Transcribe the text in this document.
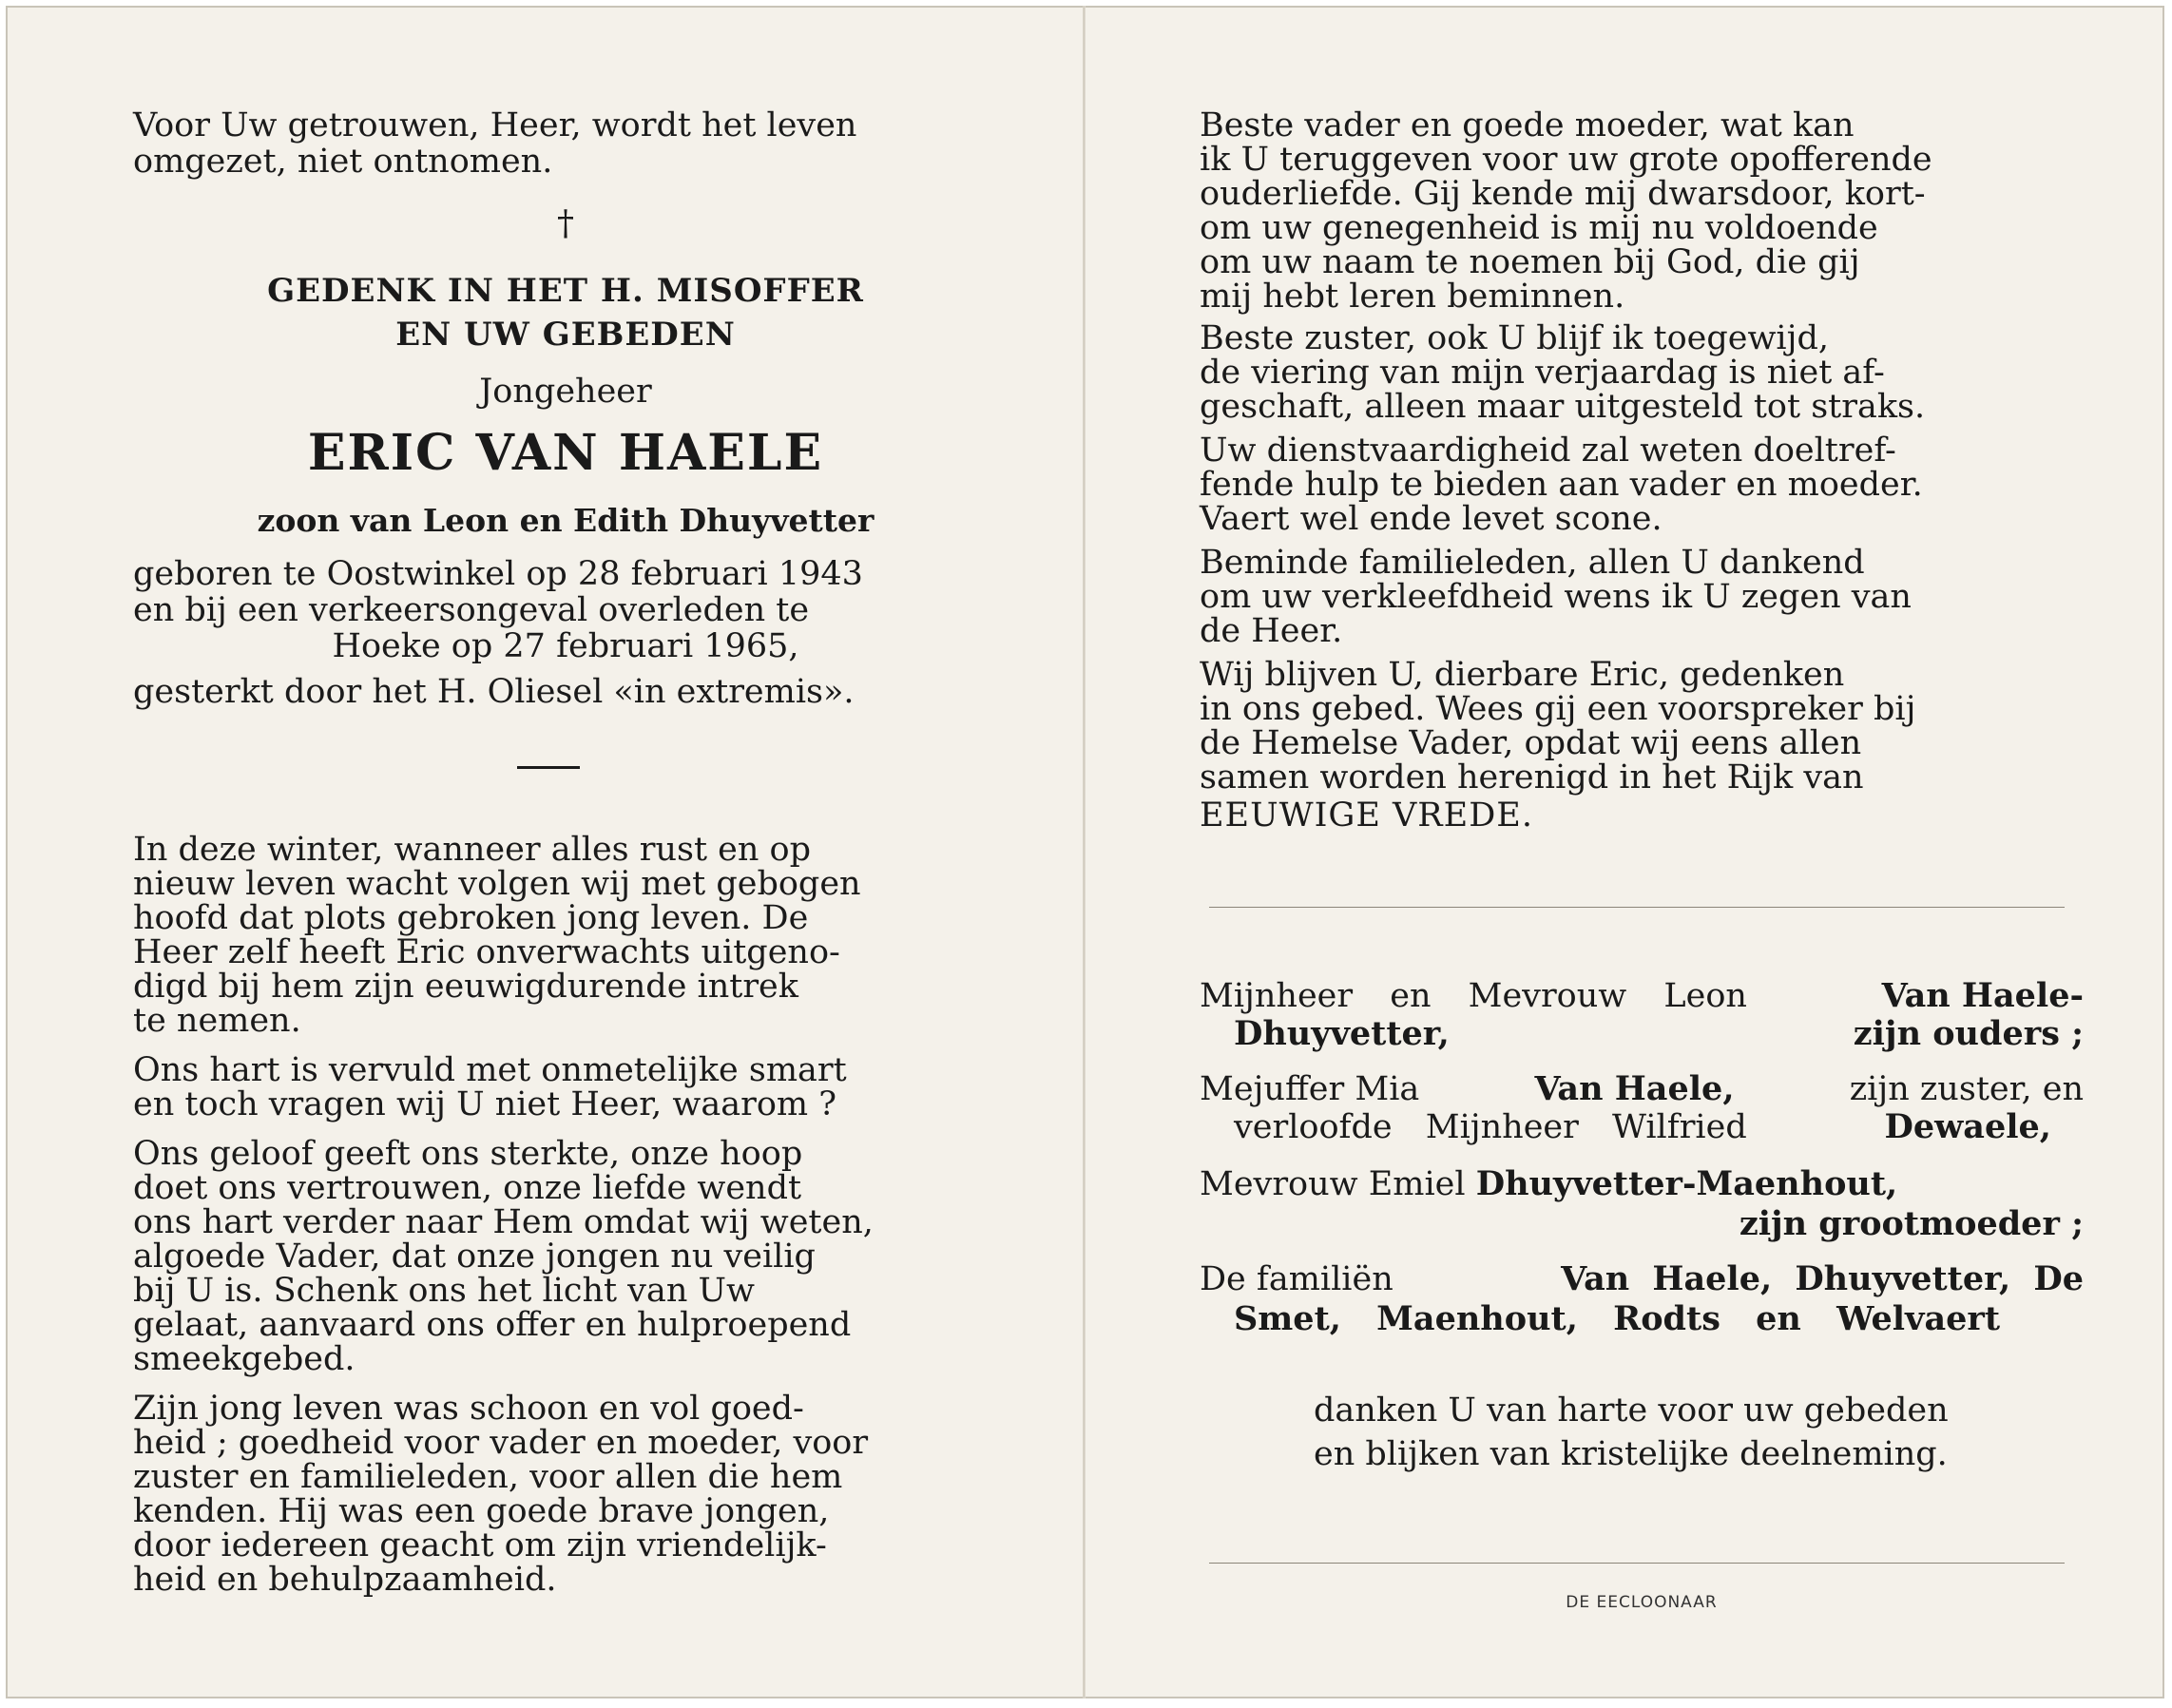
Voor Uw getrouwen, Heer, wordt het leven

omgezet, niet ontnomen.

†

GEDENK IN HET H. MISOFFER

EN UW GEBEDEN

Jongeheer

ERIC VAN HAELE

zoon van Leon en Edith Dhuyvetter

geboren te Oostwinkel op 28 februari 1943

en bij een verkeersongeval overleden te

Hoeke op 27 februari 1965,

gesterkt door het H. Oliesel «in extremis».

In deze winter, wanneer alles rust en op

nieuw leven wacht volgen wij met gebogen

hoofd dat plots gebroken jong leven. De

Heer zelf heeft Eric onverwachts uitgeno-

digd bij hem zijn eeuwigdurende intrek

te nemen.

Ons hart is vervuld met onmetelijke smart

en toch vragen wij U niet Heer, waarom ?

Ons geloof geeft ons sterkte, onze hoop

doet ons vertrouwen, onze liefde wendt

ons hart verder naar Hem omdat wij weten,

algoede Vader, dat onze jongen nu veilig

bij U is. Schenk ons het licht van Uw

gelaat, aanvaard ons offer en hulproepend

smeekgebed.

Zijn jong leven was schoon en vol goed-

heid ; goedheid voor vader en moeder, voor

zuster en familieleden, voor allen die hem

kenden. Hij was een goede brave jongen,

door iedereen geacht om zijn vriendelijk-

heid en behulpzaamheid.

Beste vader en goede moeder, wat kan

ik U teruggeven voor uw grote opofferende

ouderliefde. Gij kende mij dwarsdoor, kort-

om uw genegenheid is mij nu voldoende

om uw naam te noemen bij God, die gij

mij hebt leren beminnen.

Beste zuster, ook U blijf ik toegewijd,

de viering van mijn verjaardag is niet af-

geschaft, alleen maar uitgesteld tot straks.

Uw dienstvaardigheid zal weten doeltref-

fende hulp te bieden aan vader en moeder.

Vaert wel ende levet scone.

Beminde familieleden, allen U dankend

om uw verkleefdheid wens ik U zegen van

de Heer.

Wij blijven U, dierbare Eric, gedenken

in ons gebed. Wees gij een voorspreker bij

de Hemelse Vader, opdat wij eens allen

samen worden herenigd in het Rijk van

EEUWIGE VREDE.

Mijnheer en Mevrouw Leon	Van Haele-
Dhuyvetter,	zijn ouders ;
Mejuffer Mia	Van Haele,	zijn zuster, en
verloofde Mijnheer Wilfried	Dewaele,
Mevrouw Emiel Dhuyvetter-Maenhout,
zijn grootmoeder ;
De familiën	Van Haele, Dhuyvetter, De
Smet, Maenhout, Rodts en Welvaert

danken U van harte voor uw gebeden

en blijken van kristelijke deelneming.

DE EECLOONAAR
